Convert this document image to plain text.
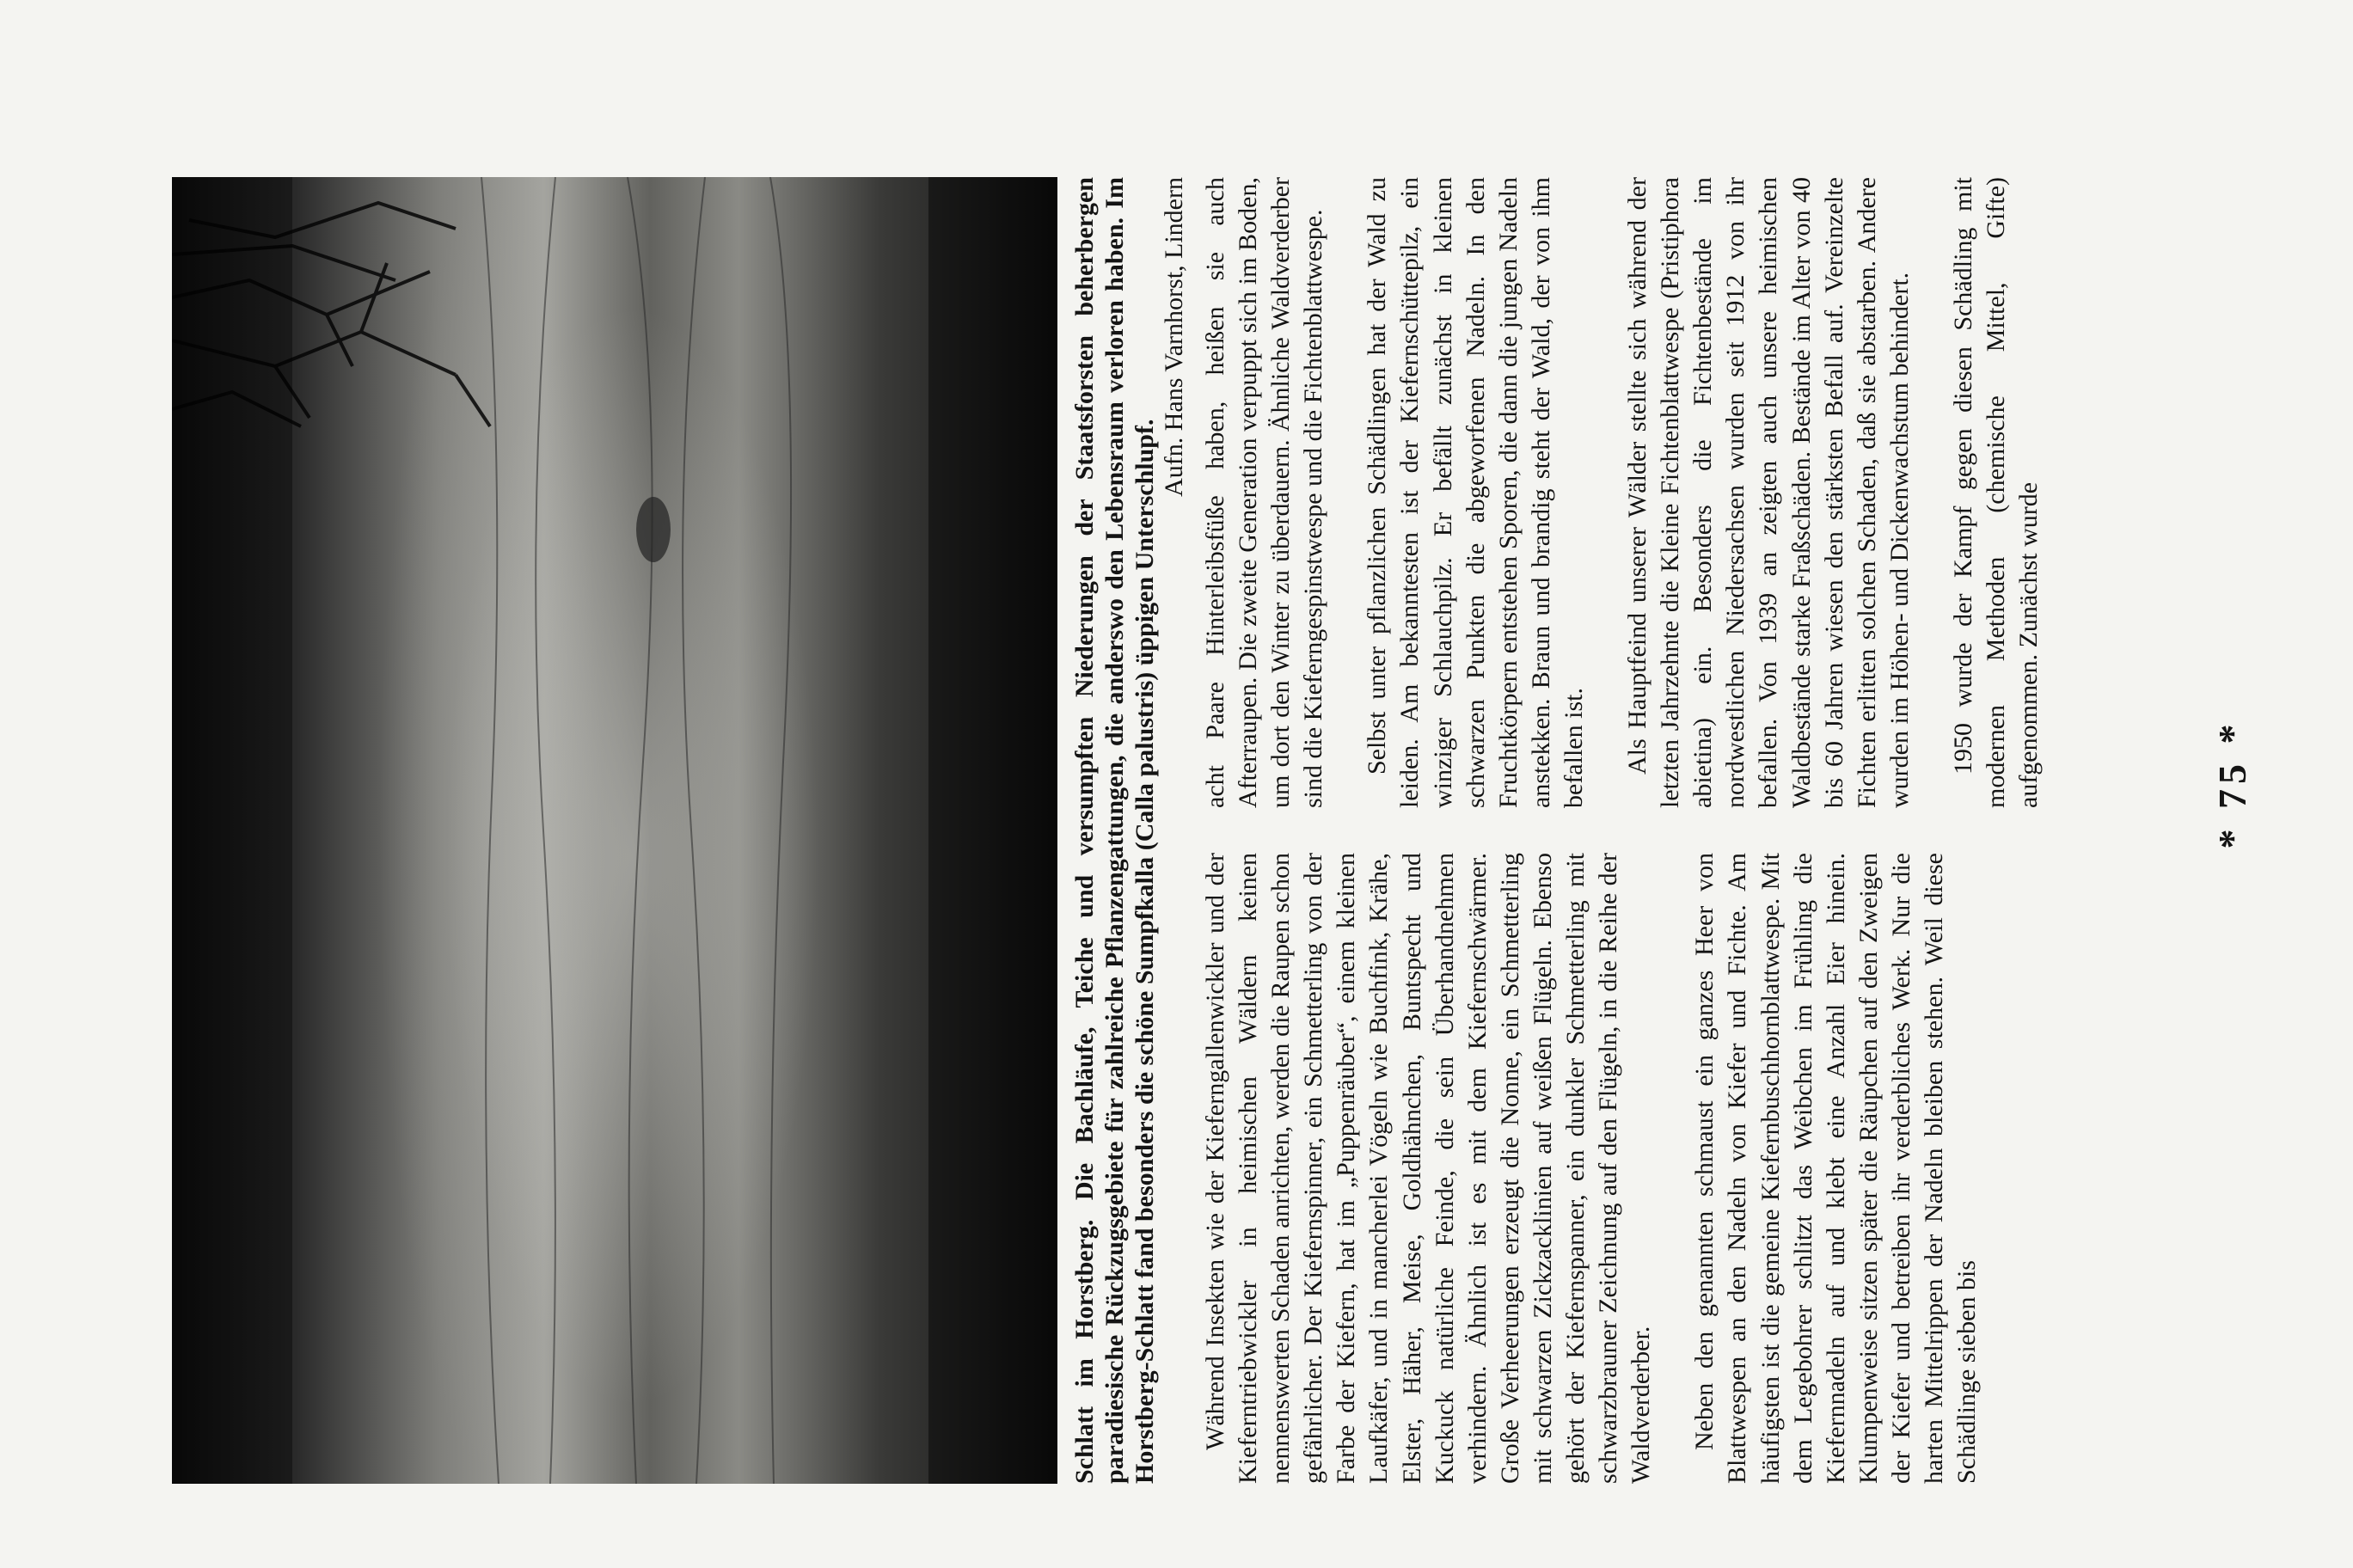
Schlatt im Horstberg. Die Bachläufe, Teiche und versumpften Niederungen der Staatsforsten beherbergen paradiesische Rückzugsgebiete für zahlreiche Pflanzengattungen, die anderswo den Lebensraum verloren haben. Im Horstberg-Schlatt fand besonders die schöne Sumpfkalla (Calla palustris) üppigen Unterschlupf.
Aufn. Hans Varnhorst, Lindern

Während Insekten wie der Kieferngallenwickler und der Kieferntriebwickler in heimischen Wäldern keinen nennenswerten Schaden anrichten, werden die Raupen schon gefährlicher. Der Kiefernspinner, ein Schmetterling von der Farbe der Kiefern, hat im „Puppenräuber“, einem kleinen Laufkäfer, und in mancherlei Vögeln wie Buchfink, Krähe, Elster, Häher, Meise, Goldhähnchen, Buntspecht und Kuckuck natürliche Feinde, die sein Überhandnehmen verhindern. Ähnlich ist es mit dem Kiefernschwärmer. Große Verheerungen erzeugt die Nonne, ein Schmetterling mit schwarzen Zickzacklinien auf weißen Flügeln. Ebenso gehört der Kiefernspanner, ein dunkler Schmetterling mit schwarzbrauner Zeichnung auf den Flügeln, in die Reihe der Waldverderber. Neben den genannten schmaust ein ganzes Heer von Blattwespen an den Nadeln von Kiefer und Fichte. Am häufigsten ist die gemeine Kiefernbuschhornblattwespe. Mit dem Legebohrer schlitzt das Weibchen im Frühling die Kiefernnadeln auf und klebt eine Anzahl Eier hinein. Klumpenweise sitzen später die Räupchen auf den Zweigen der Kiefer und betreiben ihr verderbliches Werk. Nur die harten Mittelrippen der Nadeln bleiben stehen. Weil diese Schädlinge sieben bis

acht Paare Hinterleibsfüße haben, heißen sie auch Afterraupen. Die zweite Generation verpuppt sich im Boden, um dort den Winter zu überdauern. Ähnliche Waldverderber sind die Kieferngespinstwespe und die Fichtenblattwespe. Selbst unter pflanzlichen Schädlingen hat der Wald zu leiden. Am bekanntesten ist der Kiefernschüttepilz, ein winziger Schlauchpilz. Er befällt zunächst in kleinen schwarzen Punkten die abgeworfenen Nadeln. In den Fruchtkörpern entstehen Sporen, die dann die jungen Nadeln anstekken. Braun und brandig steht der Wald, der von ihm befallen ist. Als Hauptfeind unserer Wälder stellte sich während der letzten Jahrzehnte die Kleine Fichtenblattwespe (Pristiphora abietina) ein. Besonders die Fichtenbestände im nordwestlichen Niedersachsen wurden seit 1912 von ihr befallen. Von 1939 an zeigten auch unsere heimischen Waldbestände starke Fraßschäden. Bestände im Alter von 40 bis 60 Jahren wiesen den stärksten Befall auf. Vereinzelte Fichten erlitten solchen Schaden, daß sie abstarben. Andere wurden im Höhen- und Dickenwachstum behindert. 1950 wurde der Kampf gegen diesen Schädling mit modernen Methoden (chemische Mittel, Gifte) aufgenommen. Zunächst wurde	* 75 *
